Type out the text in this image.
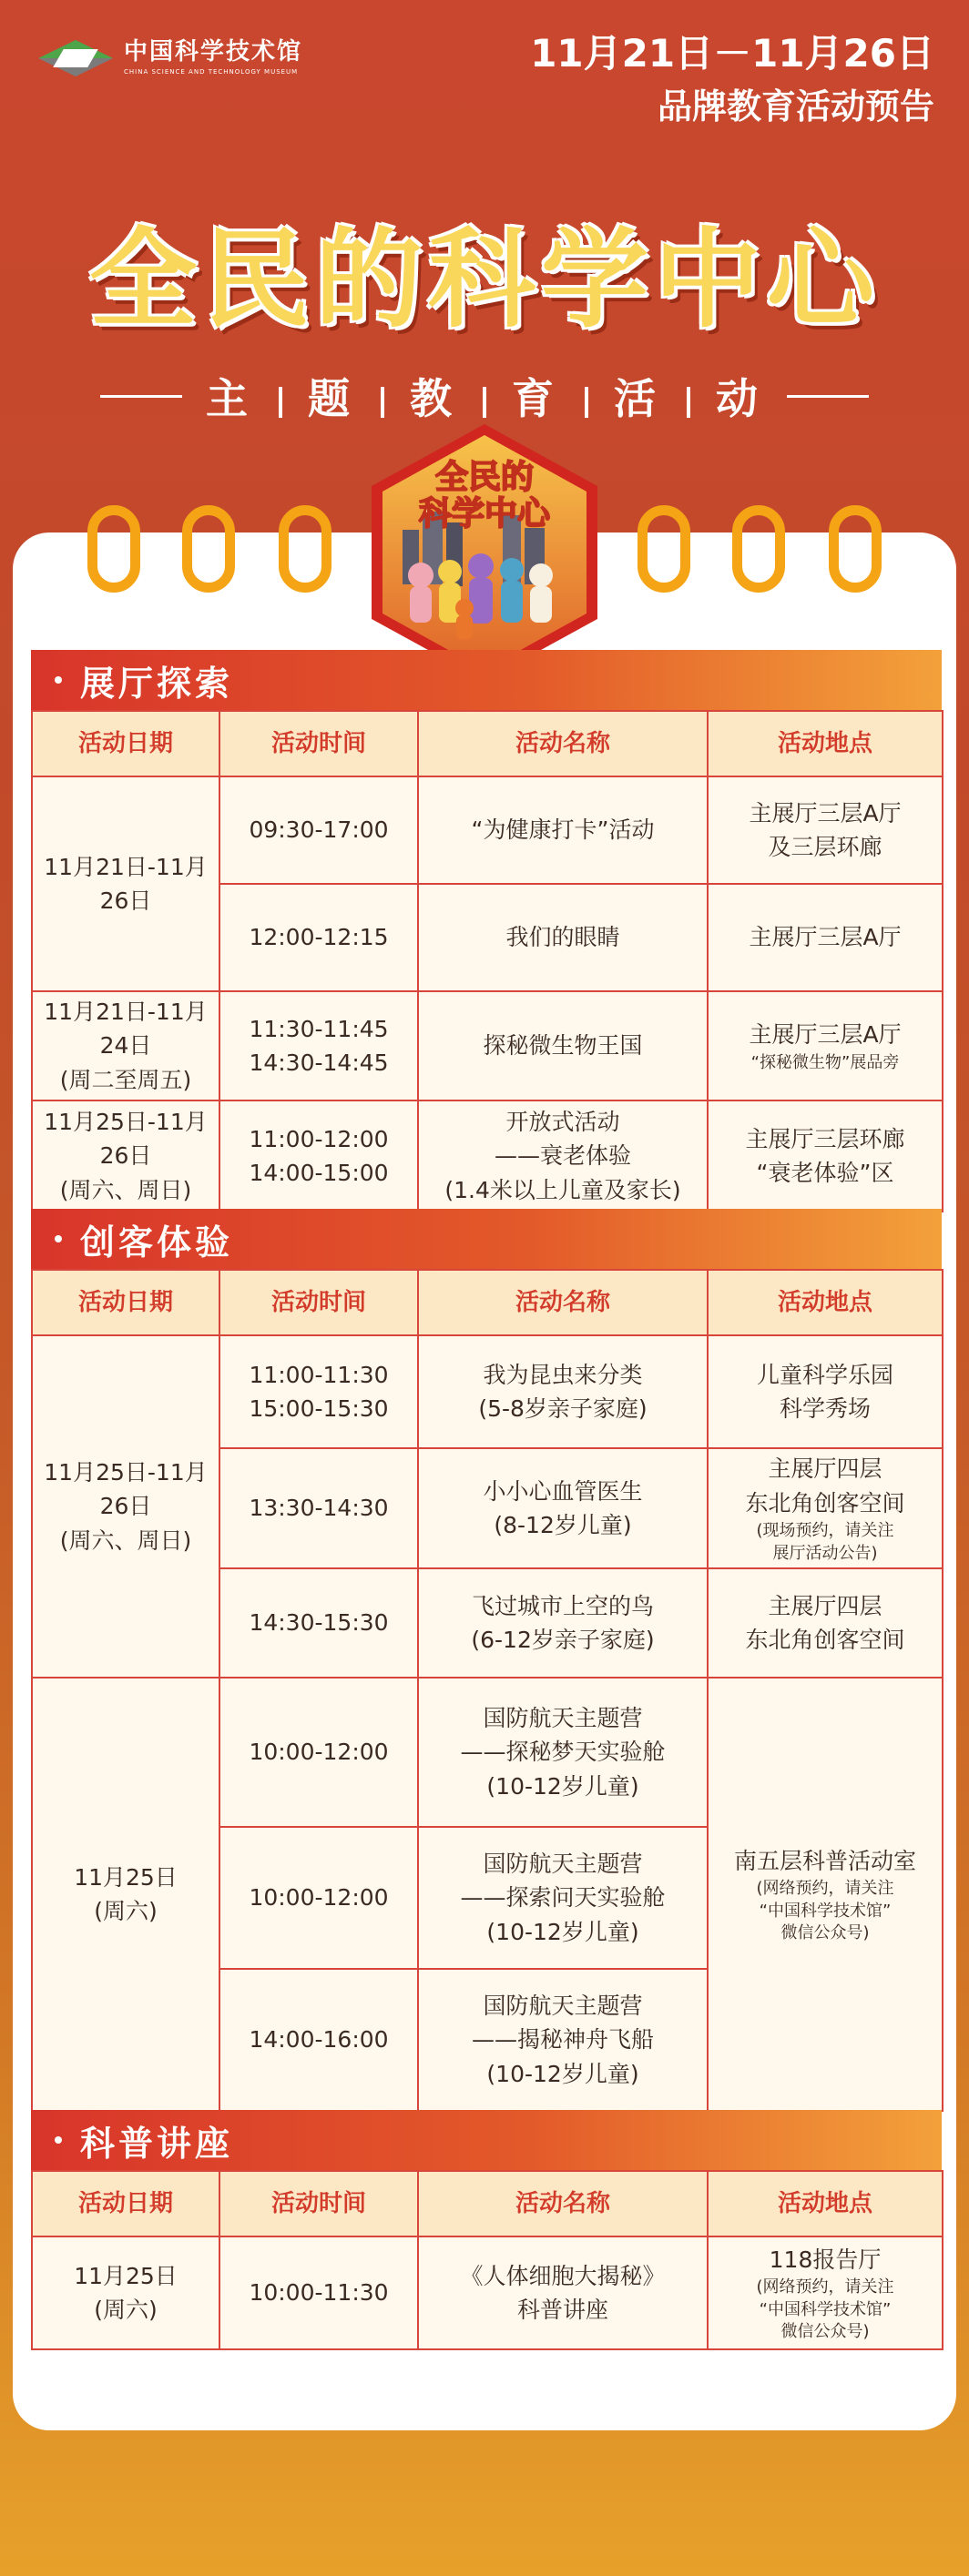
中国科学技术馆
CHINA SCIENCE AND TECHNOLOGY MUSEUM	11月21日－11月26日
品牌教育活动预告
全民的科学中心
主 题 教 育 活 动
全民的
科学中心
展厅探索
活动日期	活动时间	活动名称	活动地点

11月21日-11月26日	09:30-17:00	“为健康打卡”活动	主展厅三层A厅
及三层环廊

	12:00-12:15	我们的眼睛	主展厅三层A厅

11月21日-11月24日
(周二至周五)	11:30-11:45
14:30-14:45	探秘微生物王国	主展厅三层A厅
“探秘微生物”展品旁

11月25日-11月26日
(周六、周日)	11:00-12:00
14:00-15:00	开放式活动
——衰老体验
(1.4米以上儿童及家长)	主展厅三层环廊
“衰老体验”区
创客体验
活动日期	活动时间	活动名称	活动地点

11月25日-11月26日
(周六、周日)	11:00-11:30
15:00-15:30	我为昆虫来分类
(5-8岁亲子家庭)	儿童科学乐园
科学秀场

	13:30-14:30	小小心血管医生
(8-12岁儿童)	主展厅四层
东北角创客空间
(现场预约，请关注
展厅活动公告)

	14:30-15:30	飞过城市上空的鸟
(6-12岁亲子家庭)	主展厅四层
东北角创客空间

11月25日
(周六)	10:00-12:00	国防航天主题营
——探秘梦天实验舱
(10-12岁儿童)	南五层科普活动室
(网络预约，请关注
“中国科学技术馆”
微信公众号)

	10:00-12:00	国防航天主题营
——探索问天实验舱
(10-12岁儿童)	

	14:00-16:00	国防航天主题营
——揭秘神舟飞船
(10-12岁儿童)	
科普讲座
活动日期	活动时间	活动名称	活动地点

11月25日
(周六)	10:00-11:30	《人体细胞大揭秘》
科普讲座	118报告厅
(网络预约，请关注
“中国科学技术馆”
微信公众号)
